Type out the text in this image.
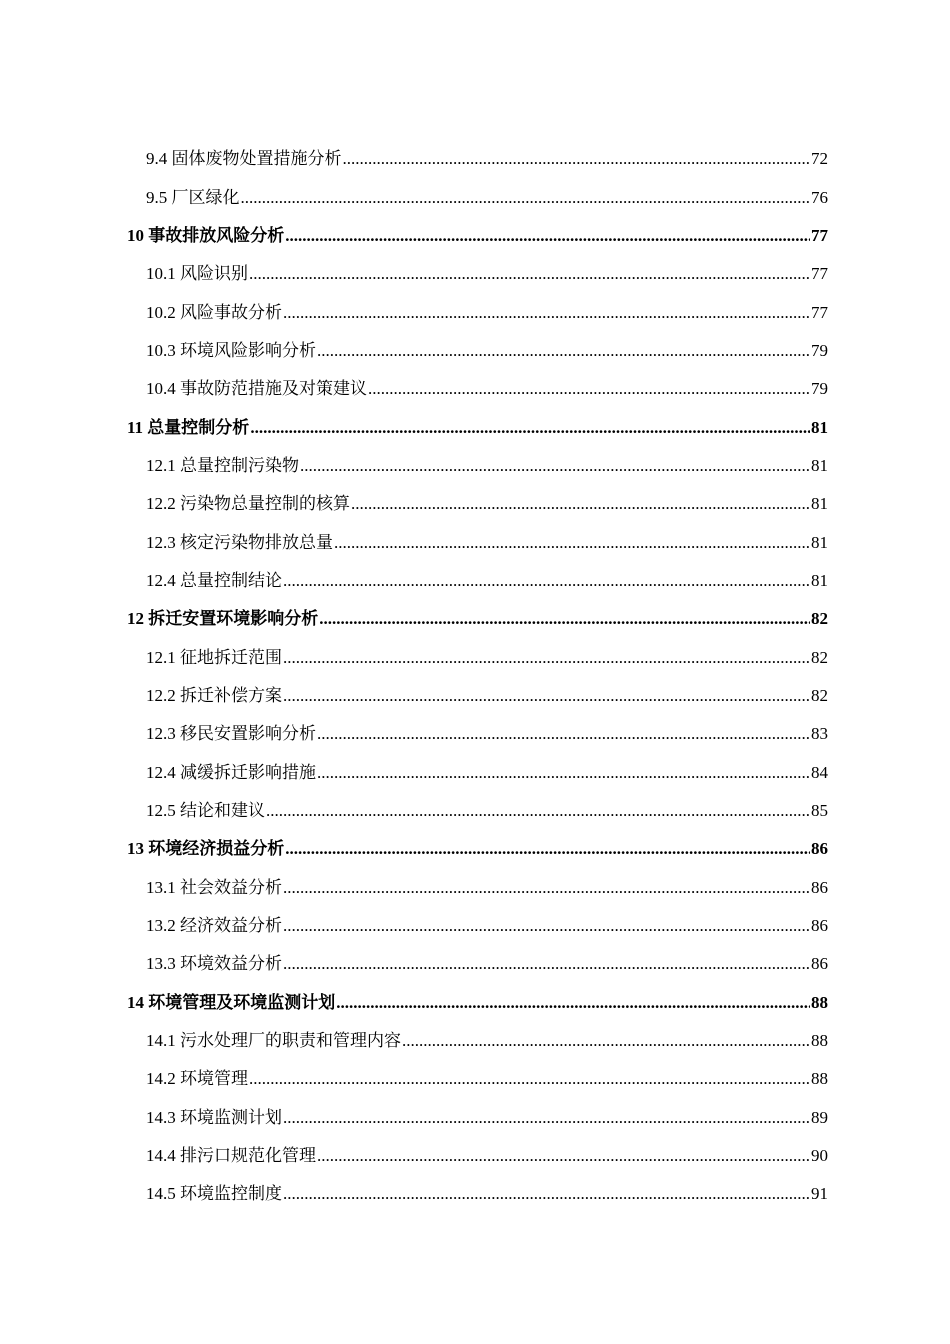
9.4 固体废物处置措施分析 .....	72
9.5 厂区绿化 .....	76
10 事故排放风险分析 .....	77
10.1 风险识别 .....	77
10.2 风险事故分析 .....	77
10.3 环境风险影响分析 .....	79
10.4 事故防范措施及对策建议 .....	79
11 总量控制分析 .....	81
12.1 总量控制污染物 .....	81
12.2 污染物总量控制的核算 .....	81
12.3 核定污染物排放总量 .....	81
12.4 总量控制结论 .....	81
12 拆迁安置环境影响分析 .....	82
12.1 征地拆迁范围 .....	82
12.2 拆迁补偿方案 .....	82
12.3 移民安置影响分析 .....	83
12.4 减缓拆迁影响措施 .....	84
12.5 结论和建议 .....	85
13 环境经济损益分析 .....	86
13.1 社会效益分析 .....	86
13.2 经济效益分析 .....	86
13.3 环境效益分析 .....	86
14 环境管理及环境监测计划 .....	88
14.1 污水处理厂的职责和管理内容 .....	88
14.2 环境管理 .....	88
14.3 环境监测计划 .....	89
14.4 排污口规范化管理 .....	90
14.5 环境监控制度 .....	91
